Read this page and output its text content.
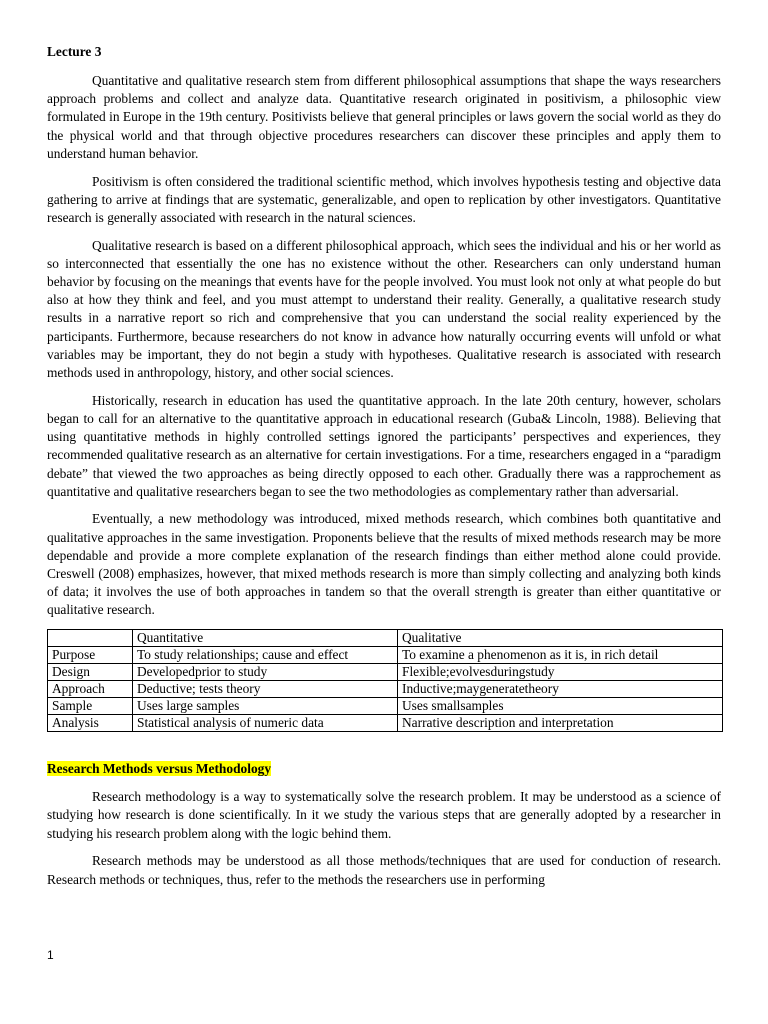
Lecture 3

Quantitative and qualitative research stem from different philosophical assumptions that shape the ways researchers approach problems and collect and analyze data. Quantitative research originated in positivism, a philosophic view formulated in Europe in the 19th century. Positivists believe that general principles or laws govern the social world as they do the physical world and that through objective procedures researchers can discover these principles and apply them to understand human behavior.

Positivism is often considered the traditional scientific method, which involves hypothesis testing and objective data gathering to arrive at findings that are systematic, generalizable, and open to replication by other investigators. Quantitative research is generally associated with research in the natural sciences.

Qualitative research is based on a different philosophical approach, which sees the individual and his or her world as so interconnected that essentially the one has no existence without the other. Researchers can only understand human behavior by focusing on the meanings that events have for the people involved. You must look not only at what people do but also at how they think and feel, and you must attempt to understand their reality. Generally, a qualitative research study results in a narrative report so rich and comprehensive that you can understand the social reality experienced by the participants. Furthermore, because researchers do not know in advance how naturally occurring events will unfold or what variables may be important, they do not begin a study with hypotheses. Qualitative research is associated with research methods used in anthropology, history, and other social sciences.

Historically, research in education has used the quantitative approach. In the late 20th century, however, scholars began to call for an alternative to the quantitative approach in educational research (Guba& Lincoln, 1988). Believing that using quantitative methods in highly controlled settings ignored the participants’ perspectives and experiences, they recommended qualitative research as an alternative for certain investigations. For a time, researchers engaged in a “paradigm debate” that viewed the two approaches as being directly opposed to each other. Gradually there was a rapprochement as quantitative and qualitative researchers began to see the two methodologies as complementary rather than adversarial.

Eventually, a new methodology was introduced, mixed methods research, which combines both quantitative and qualitative approaches in the same investigation. Proponents believe that the results of mixed methods research may be more dependable and provide a more complete explanation of the research findings than either method alone could provide. Creswell (2008) emphasizes, however, that mixed methods research is more than simply collecting and analyzing both kinds of data; it involves the use of both approaches in tandem so that the overall strength is greater than either quantitative or qualitative research.

	Quantitative	Qualitative
Purpose	To study relationships; cause and effect	To examine a phenomenon as it is, in rich detail
Design	Developedprior to study	Flexible;evolvesduringstudy
Approach	Deductive; tests theory	Inductive;maygeneratetheory
Sample	Uses large samples	Uses smallsamples
Analysis	Statistical analysis of numeric data	Narrative description and interpretation
Research Methods versus Methodology

Research methodology is a way to systematically solve the research problem. It may be understood as a science of studying how research is done scientifically. In it we study the various steps that are generally adopted by a researcher in studying his research problem along with the logic behind them.

Research methods may be understood as all those methods/techniques that are used for conduction of research. Research methods or techniques, thus, refer to the methods the researchers use in performing

1
